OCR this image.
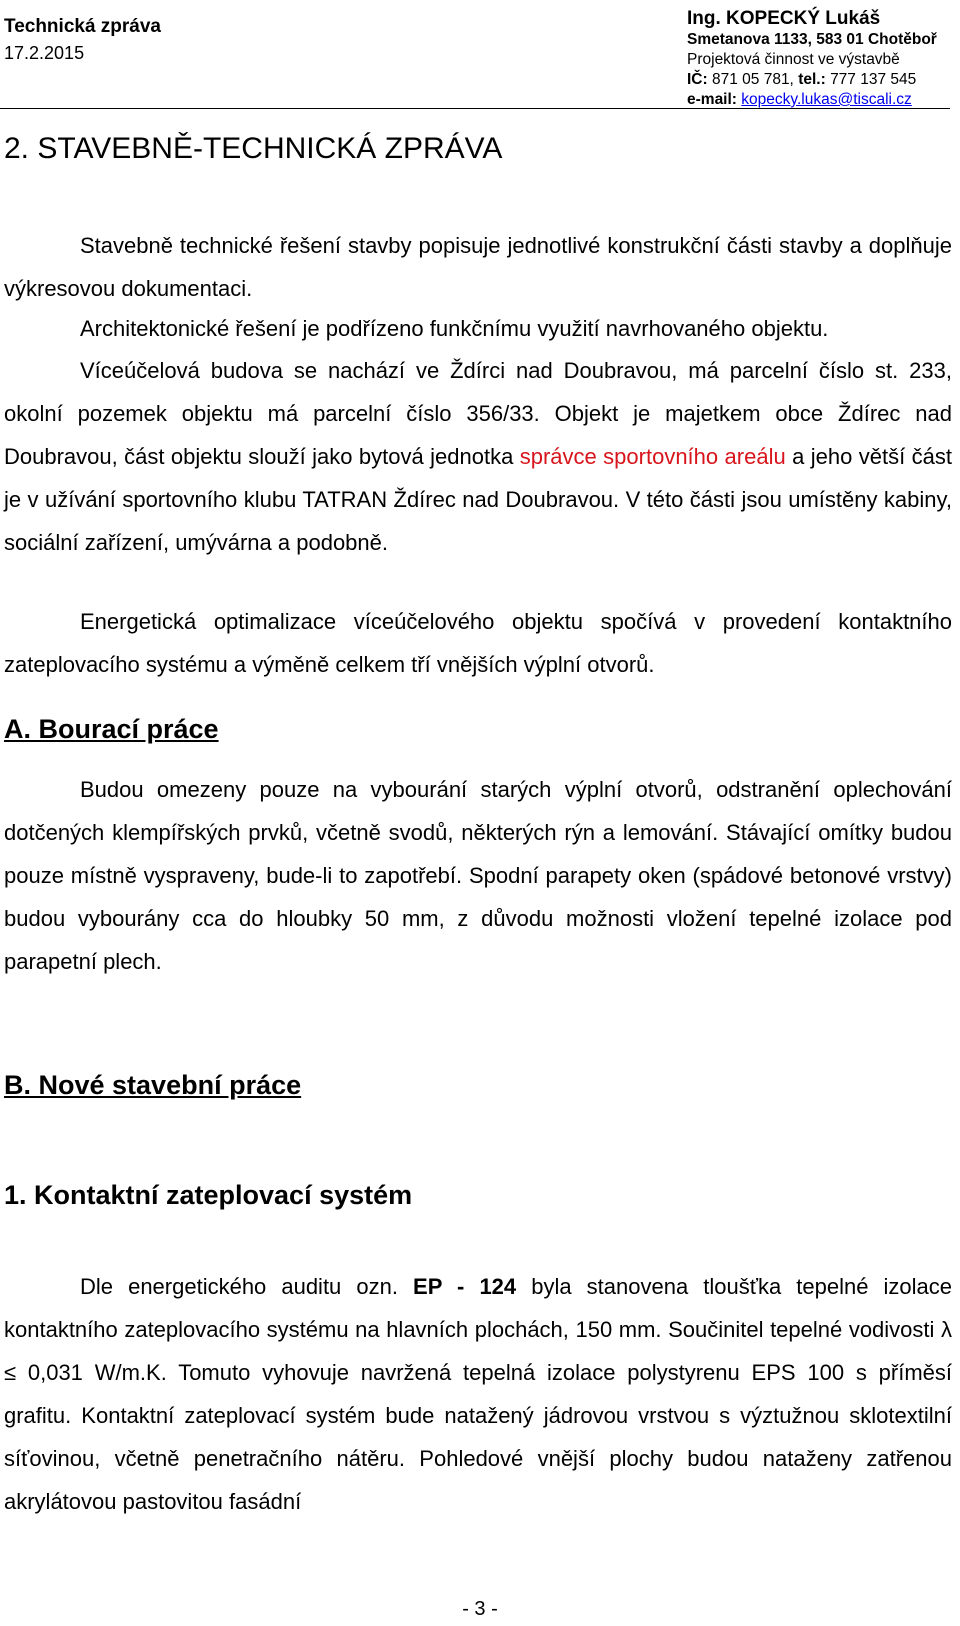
Technická zpráva
17.2.2015
Ing. KOPECKÝ Lukáš
Smetanova 1133, 583 01 Chotěboř
Projektová činnost ve výstavbě
IČ: 871 05 781, tel.: 777 137 545
e-mail: kopecky.lukas@tiscali.cz
2. STAVEBNĚ-TECHNICKÁ ZPRÁVA
Stavebně technické řešení stavby popisuje jednotlivé konstrukční části stavby a doplňuje výkresovou dokumentaci.
Architektonické řešení je podřízeno funkčnímu využití navrhovaného objektu.
Víceúčelová budova se nachází ve Ždírci nad Doubravou, má parcelní číslo st. 233, okolní pozemek objektu má parcelní číslo 356/33. Objekt je majetkem obce Ždírec nad Doubravou, část objektu slouží jako bytová jednotka správce sportovního areálu a jeho větší část je v užívání sportovního klubu TATRAN Ždírec nad Doubravou. V této části jsou umístěny kabiny, sociální zařízení, umývárna a podobně.
Energetická optimalizace víceúčelového objektu spočívá v provedení kontaktního zateplovacího systému a výměně celkem tří vnějších výplní otvorů.
A. Bourací práce
Budou omezeny pouze na vybourání starých výplní otvorů, odstranění oplechování dotčených klempířských prvků, včetně svodů, některých rýn a lemování. Stávající omítky budou pouze místně vyspraveny, bude-li to zapotřebí. Spodní parapety oken (spádové betonové vrstvy) budou vybourány cca do hloubky 50 mm, z důvodu možnosti vložení tepelné izolace pod parapetní plech.
B. Nové stavební práce
1. Kontaktní zateplovací systém
Dle energetického auditu ozn. EP - 124 byla stanovena tloušťka tepelné izolace kontaktního zateplovacího systému na hlavních plochách, 150 mm. Součinitel tepelné vodivosti λ ≤ 0,031 W/m.K. Tomuto vyhovuje navržená tepelná izolace polystyrenu EPS 100 s příměsí grafitu. Kontaktní zateplovací systém bude natažený jádrovou vrstvou s výztužnou sklotextilní síťovinou, včetně penetračního nátěru. Pohledové vnější plochy budou nataženy zatřenou akrylátovou pastovitou fasádní
- 3 -
